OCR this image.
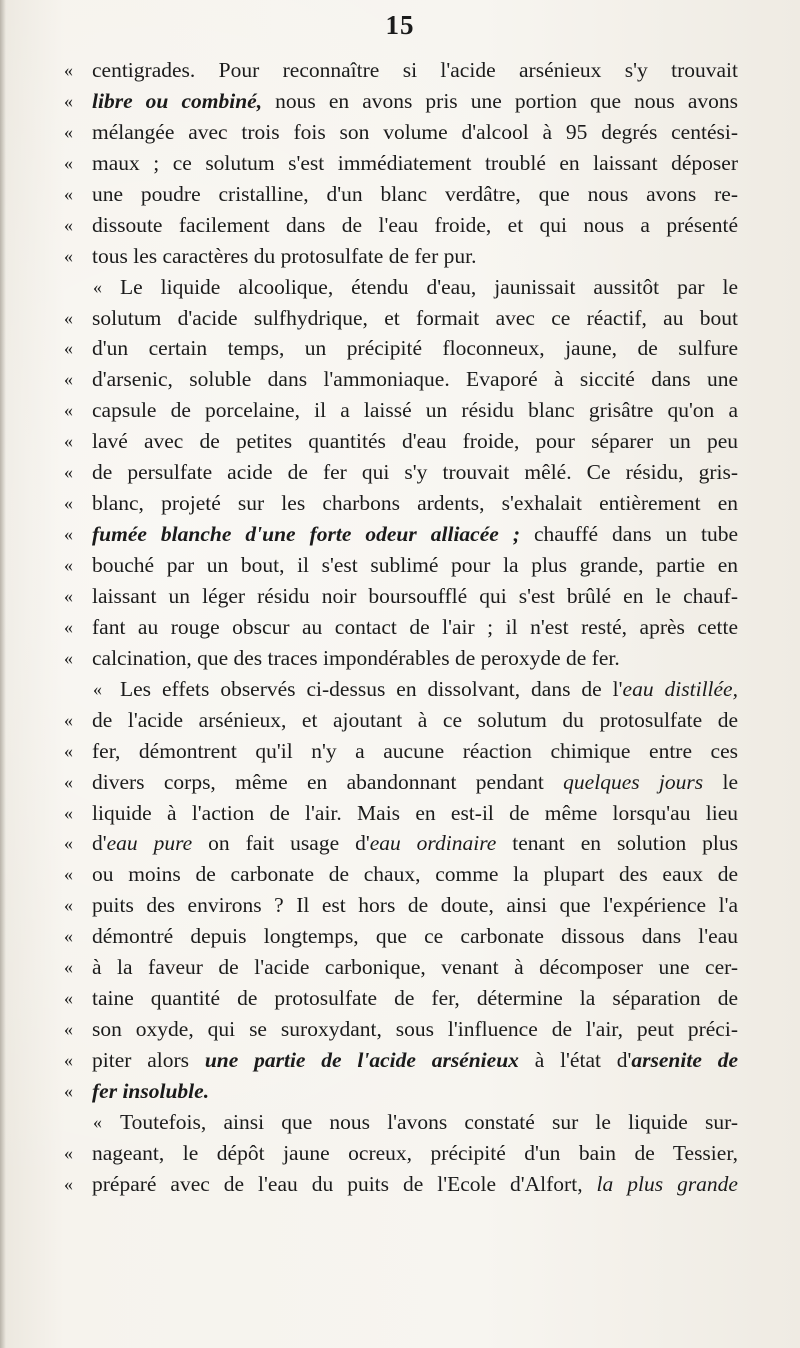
15
« centigrades. Pour reconnaître si l'acide arsénieux s'y trouvait
« libre ou combiné, nous en avons pris une portion que nous avons
« mélangée avec trois fois son volume d'alcool à 95 degrés centési-
« maux ; ce solutum s'est immédiatement troublé en laissant déposer
« une poudre cristalline, d'un blanc verdâtre, que nous avons re-
« dissoute facilement dans de l'eau froide, et qui nous a présenté
« tous les caractères du protosulfate de fer pur.
« Le liquide alcoolique, étendu d'eau, jaunissait aussitôt par le
« solutum d'acide sulfhydrique, et formait avec ce réactif, au bout
« d'un certain temps, un précipité floconneux, jaune, de sulfure
« d'arsenic, soluble dans l'ammoniaque. Evaporé à siccité dans une
« capsule de porcelaine, il a laissé un résidu blanc grisâtre qu'on a
« lavé avec de petites quantités d'eau froide, pour séparer un peu
« de persulfate acide de fer qui s'y trouvait mêlé. Ce résidu, gris-
« blanc, projeté sur les charbons ardents, s'exhalait entièrement en
« fumée blanche d'une forte odeur alliacée ; chauffé dans un tube
« bouché par un bout, il s'est sublimé pour la plus grande, partie en
« laissant un léger résidu noir boursoufflé qui s'est brûlé en le chauf-
« fant au rouge obscur au contact de l'air ; il n'est resté, après cette
« calcination, que des traces impondérables de peroxyde de fer.
« Les effets observés ci-dessus en dissolvant, dans de l'eau distillée,
« de l'acide arsénieux, et ajoutant à ce solutum du protosulfate de
« fer, démontrent qu'il n'y a aucune réaction chimique entre ces
« divers corps, même en abandonnant pendant quelques jours le
« liquide à l'action de l'air. Mais en est-il de même lorsqu'au lieu
« d'eau pure on fait usage d'eau ordinaire tenant en solution plus
« ou moins de carbonate de chaux, comme la plupart des eaux de
« puits des environs ? Il est hors de doute, ainsi que l'expérience l'a
« démontré depuis longtemps, que ce carbonate dissous dans l'eau
« à la faveur de l'acide carbonique, venant à décomposer une cer-
« taine quantité de protosulfate de fer, détermine la séparation de
« son oxyde, qui se suroxydant, sous l'influence de l'air, peut préci-
« piter alors une partie de l'acide arsénieux à l'état d'arsenite de
« fer insoluble.
« Toutefois, ainsi que nous l'avons constaté sur le liquide sur-
« nageant, le dépôt jaune ocreux, précipité d'un bain de Tessier,
« préparé avec de l'eau du puits de l'Ecole d'Alfort, la plus grande
